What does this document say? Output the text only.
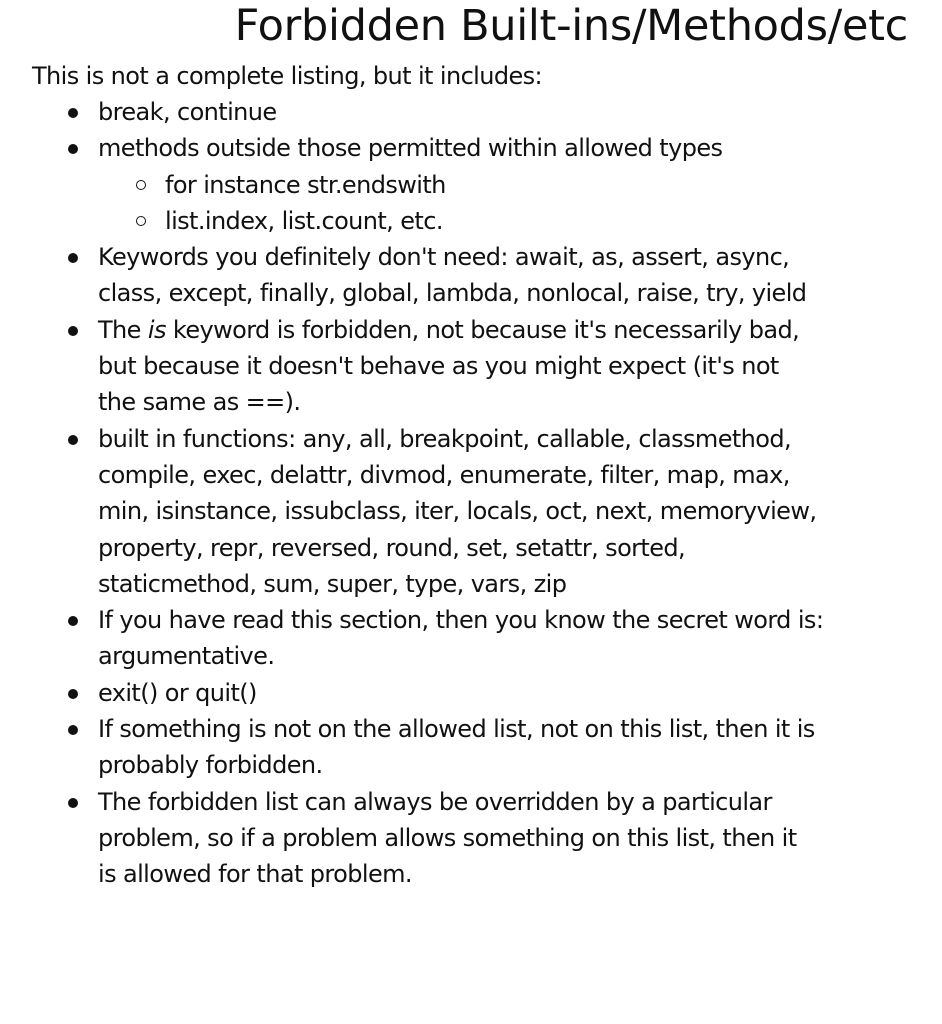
Forbidden Built-ins/Methods/etc

This is not a complete listing, but it includes:

break, continue
methods outside those permitted within allowed types
for instance str.endswith
list.index, list.count, etc.
Keywords you definitely don't need: await, as, assert, async,
class, except, finally, global, lambda, nonlocal, raise, try, yield
The is keyword is forbidden, not because it's necessarily bad,
but because it doesn't behave as you might expect (it's not
the same as ==).
built in functions: any, all, breakpoint, callable, classmethod,
compile, exec, delattr, divmod, enumerate, filter, map, max,
min, isinstance, issubclass, iter, locals, oct, next, memoryview,
property, repr, reversed, round, set, setattr, sorted,
staticmethod, sum, super, type, vars, zip
If you have read this section, then you know the secret word is:
argumentative.
exit() or quit()
If something is not on the allowed list, not on this list, then it is
probably forbidden.
The forbidden list can always be overridden by a particular
problem, so if a problem allows something on this list, then it
is allowed for that problem.
